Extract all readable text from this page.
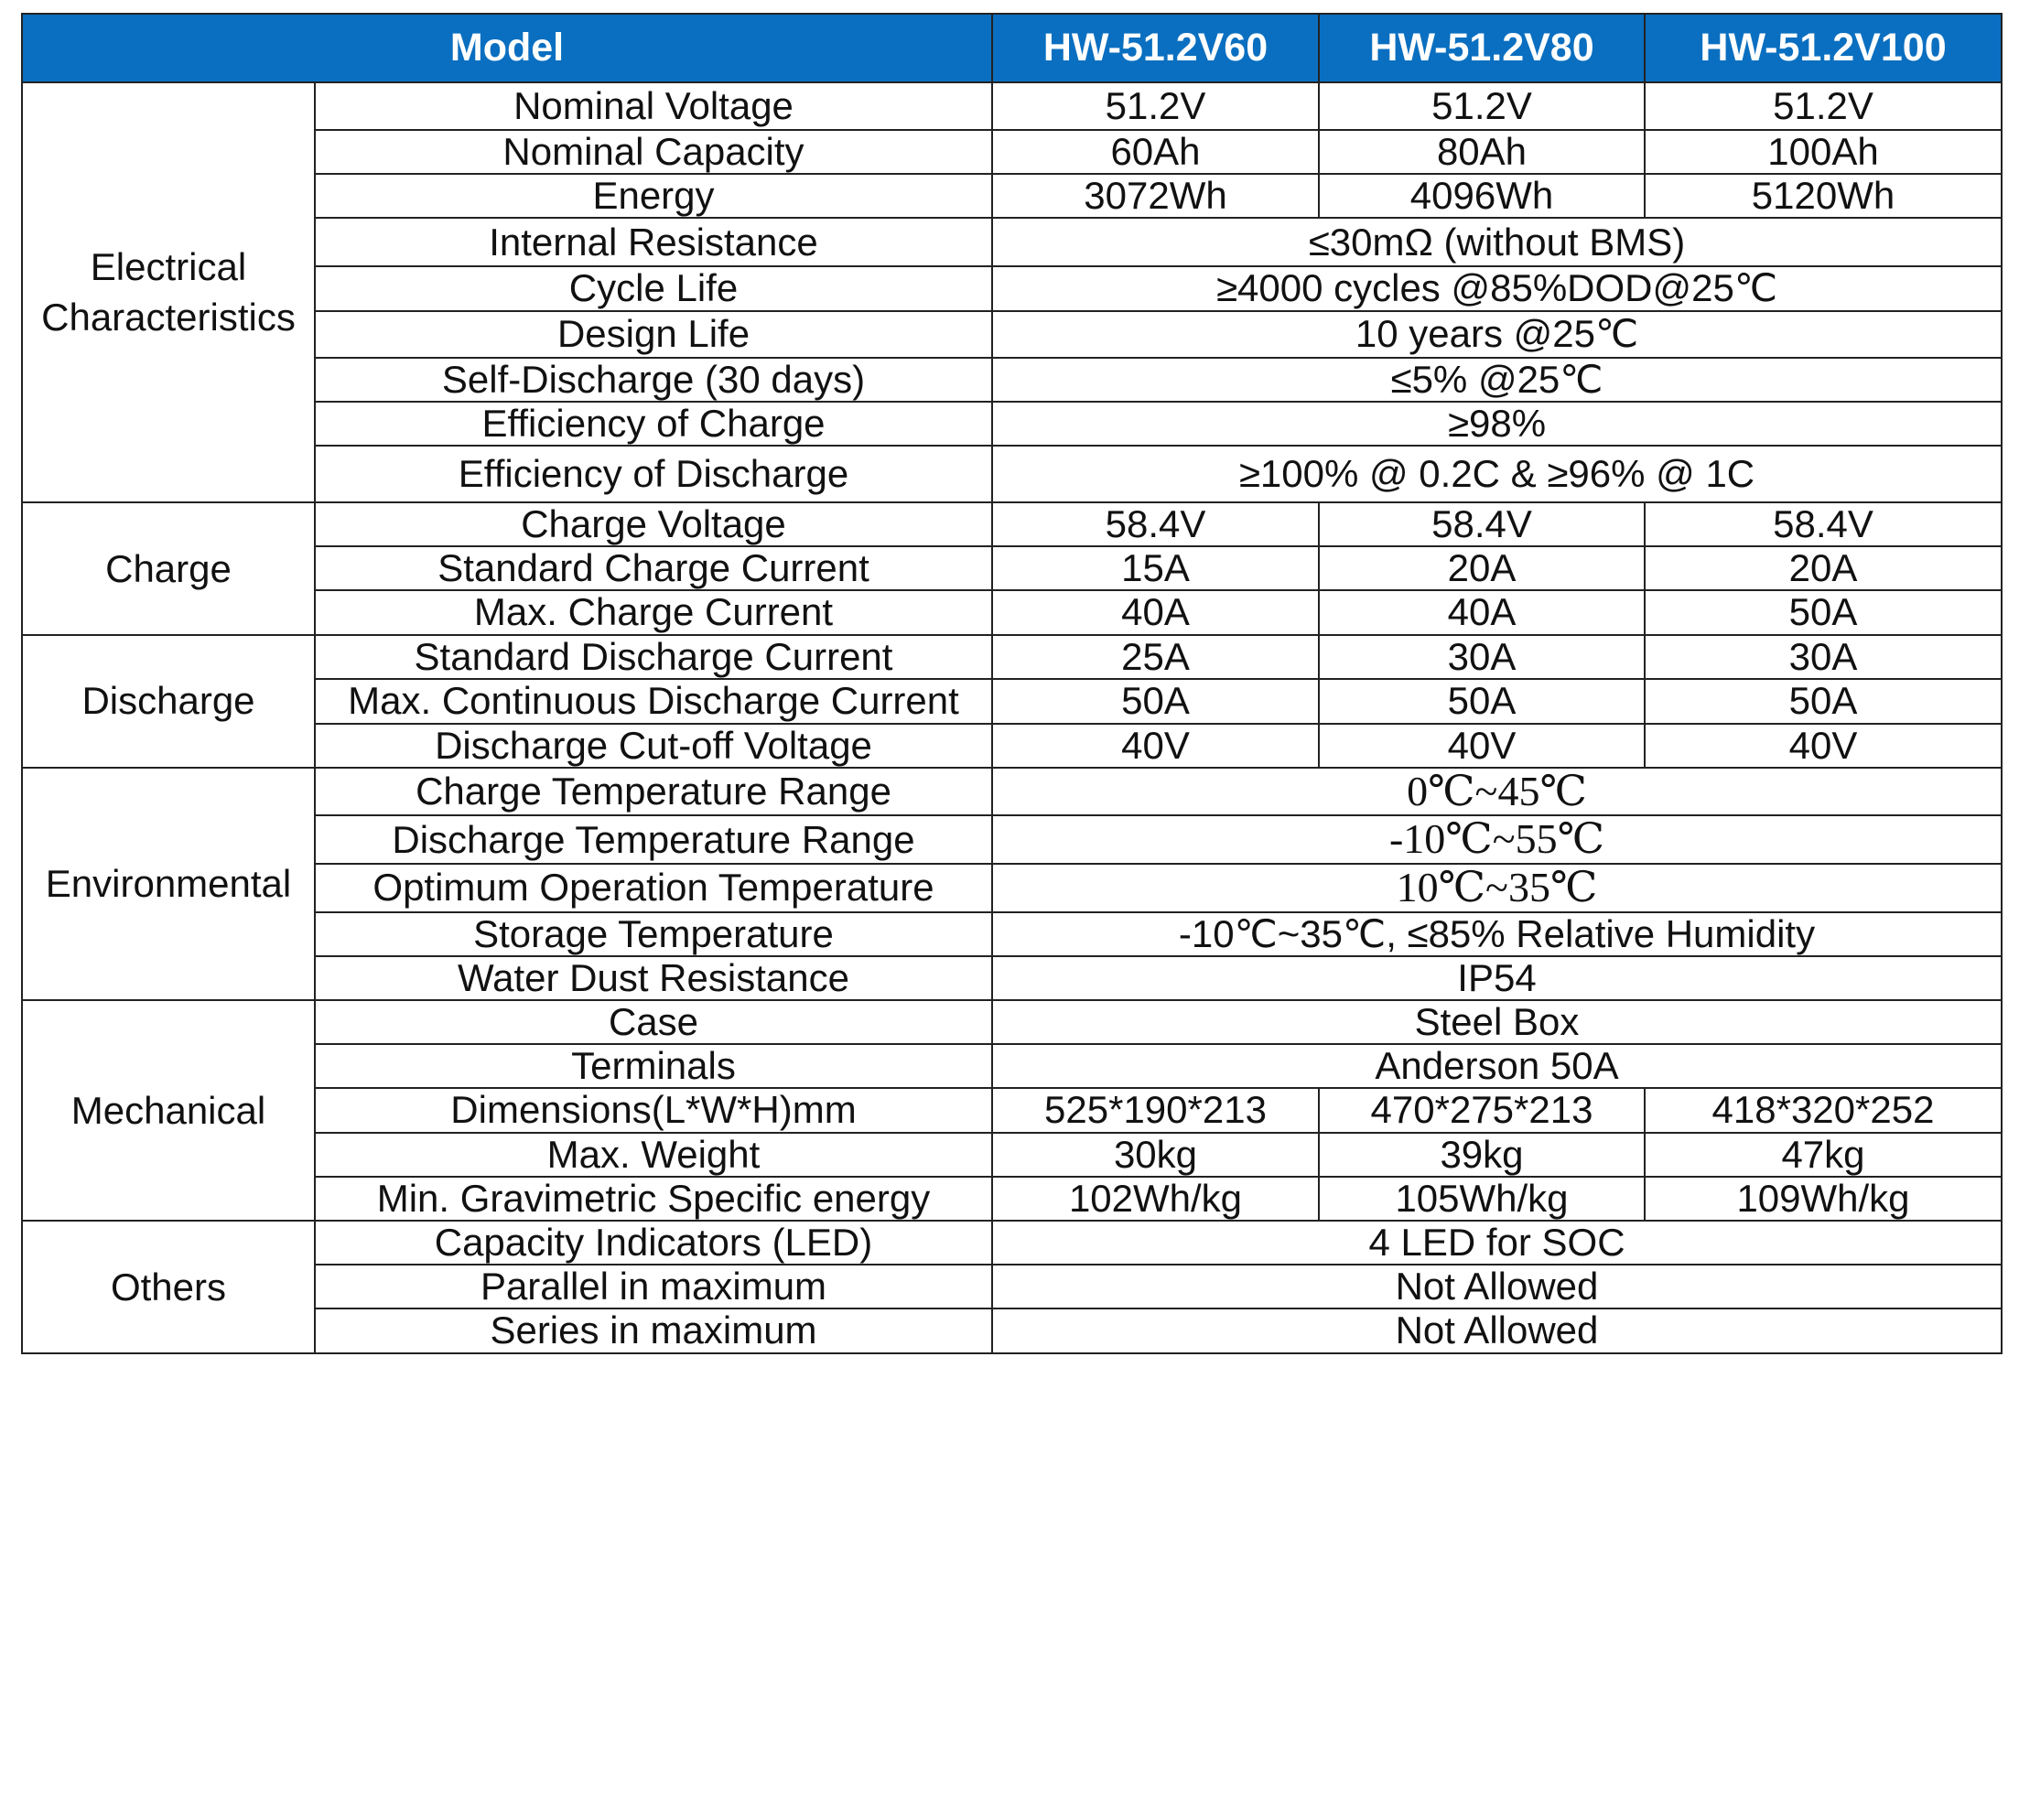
Model		HW-51.2V60	HW-51.2V80	HW-51.2V100
Electrical Characteristics	Nominal Voltage	51.2V	51.2V	51.2V
	Nominal Capacity	60Ah	80Ah	100Ah
	Energy	3072Wh	4096Wh	5120Wh
	Internal Resistance	≤30mΩ (without BMS)		
	Cycle Life	≥4000 cycles @85%DOD@25℃		
	Design Life	10 years @25℃		
	Self-Discharge (30 days)	≤5% @25℃		
	Efficiency of Charge	≥98%		
	Efficiency of Discharge	≥100% @ 0.2C & ≥96% @ 1C		
Charge	Charge Voltage	58.4V	58.4V	58.4V
	Standard Charge Current	15A	20A	20A
	Max. Charge Current	40A	40A	50A
Discharge	Standard Discharge Current	25A	30A	30A
	Max. Continuous Discharge Current	50A	50A	50A
	Discharge Cut-off Voltage	40V	40V	40V
Environmental	Charge Temperature Range	0℃~45℃		
	Discharge Temperature Range	-10℃~55℃		
	Optimum Operation Temperature	10℃~35℃		
	Storage Temperature	-10℃~35℃, ≤85% Relative Humidity		
	Water Dust Resistance	IP54		
Mechanical	Case	Steel Box		
	Terminals	Anderson 50A		
	Dimensions(L*W*H)mm	525*190*213	470*275*213	418*320*252
	Max. Weight	30kg	39kg	47kg
	Min. Gravimetric Specific energy	102Wh/kg	105Wh/kg	109Wh/kg
Others	Capacity Indicators (LED)	4 LED for SOC		
	Parallel in maximum	Not Allowed		
	Series in maximum	Not Allowed		
